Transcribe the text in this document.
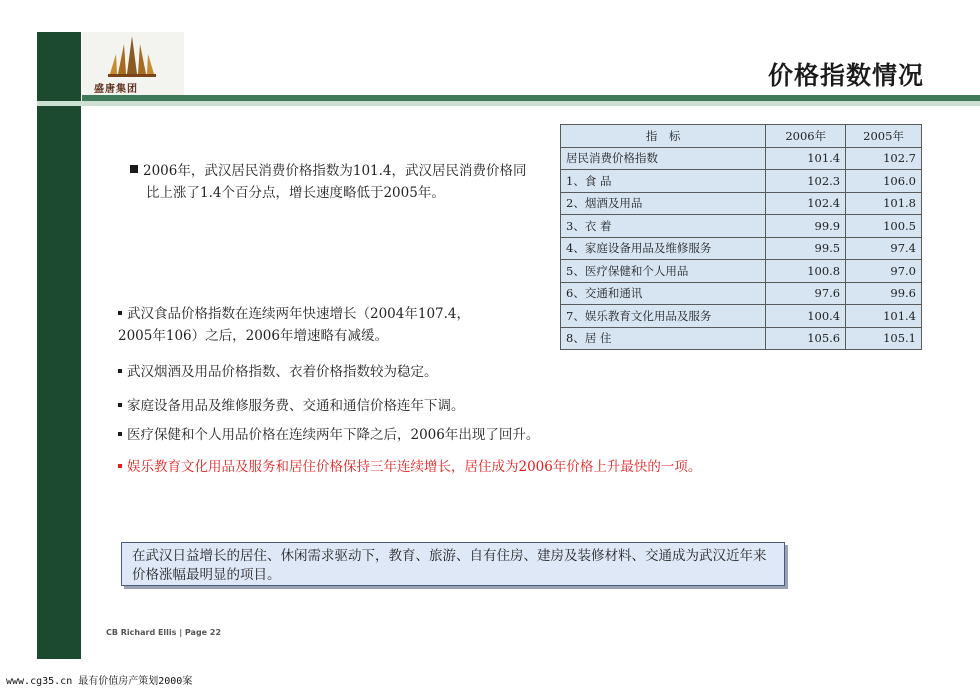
盛唐集团	价格指数情况
2006年，武汉居民消费价格指数为101.4，武汉居民消费价格同比上涨了1.4个百分点，增长速度略低于2005年。
武汉食品价格指数在连续两年快速增长（2004年107.4，
2005年106）之后，2006年增速略有减缓。
武汉烟酒及用品价格指数、衣着价格指数较为稳定。
家庭设备用品及维修服务费、交通和通信价格连年下调。
医疗保健和个人用品价格在连续两年下降之后，2006年出现了回升。
娱乐教育文化用品及服务和居住价格保持三年连续增长，居住成为2006年价格上升最快的一项。
指　标	2006年	2005年
居民消费价格指数	101.4	102.7
1、食 品	102.3	106.0
2、烟酒及用品	102.4	101.8
3、衣 着	99.9	100.5
4、家庭设备用品及维修服务	99.5	97.4
5、医疗保健和个人用品	100.8	97.0
6、交通和通讯	97.6	99.6
7、娱乐教育文化用品及服务	100.4	101.4
8、居 住	105.6	105.1
在武汉日益增长的居住、休闲需求驱动下，教育、旅游、自有住房、建房及装修材料、交通成为武汉近年来价格涨幅最明显的项目。
CB Richard Ellis | Page 22
www.cg35.cn 最有价值房产策划2000案
